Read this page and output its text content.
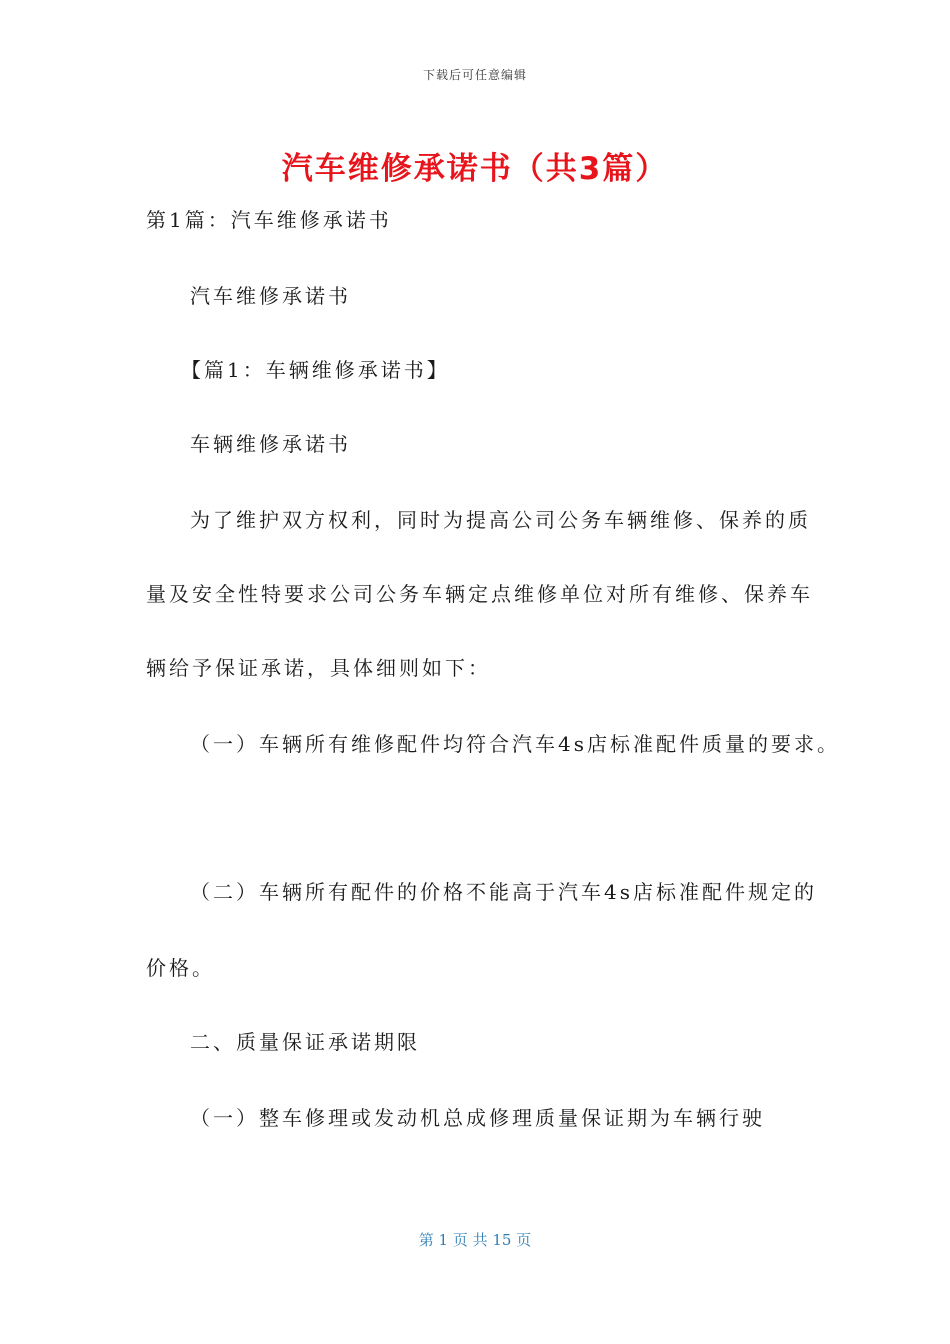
下载后可任意编辑
汽车维修承诺书（共3篇）
第1篇：汽车维修承诺书
汽车维修承诺书
【篇1：车辆维修承诺书】
车辆维修承诺书
为了维护双方权利，同时为提高公司公务车辆维修、保养的质
量及安全性特要求公司公务车辆定点维修单位对所有维修、保养车
辆给予保证承诺，具体细则如下：
（一）车辆所有维修配件均符合汽车4s店标准配件质量的要求。
（二）车辆所有配件的价格不能高于汽车4s店标准配件规定的
价格。
二、质量保证承诺期限
（一）整车修理或发动机总成修理质量保证期为车辆行驶
第 1 页 共 15 页
